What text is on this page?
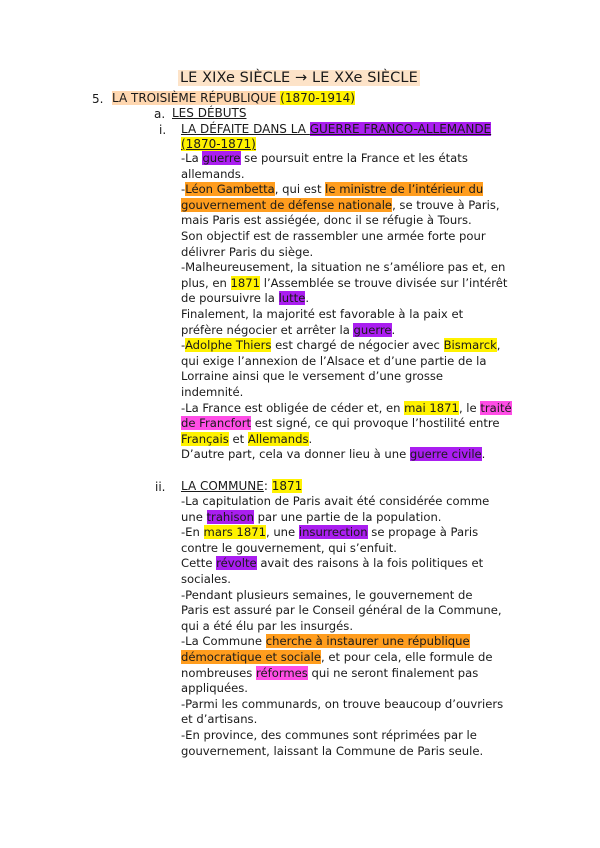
LE XIXe SIÈCLE → LE XXe SIÈCLE
5. LA TROISIÈME RÉPUBLIQUE (1870-1914)
a. LES DÉBUTS
i. LA DÉFAITE DANS LA GUERRE FRANCO-ALLEMANDE
(1870-1871)

-La guerre se poursuit entre la France et les états

allemands.

-Léon Gambetta, qui est le ministre de l’intérieur du

gouvernement de défense nationale, se trouve à Paris,

mais Paris est assiégée, donc il se réfugie à Tours.

Son objectif est de rassembler une armée forte pour

délivrer Paris du siège.

-Malheureusement, la situation ne s’améliore pas et, en

plus, en 1871 l’Assemblée se trouve divisée sur l’intérêt

de poursuivre la lutte.

Finalement, la majorité est favorable à la paix et

préfère négocier et arrêter la guerre.

-Adolphe Thiers est chargé de négocier avec Bismarck,

qui exige l’annexion de l’Alsace et d’une partie de la

Lorraine ainsi que le versement d’une grosse

indemnité.

-La France est obligée de céder et, en mai 1871, le traité

de Francfort est signé, ce qui provoque l’hostilité entre

Français et Allemands.

D’autre part, cela va donner lieu à une guerre civile.

ii. LA COMMUNE: 1871

-La capitulation de Paris avait été considérée comme

une trahison par une partie de la population.

-En mars 1871, une insurrection se propage à Paris

contre le gouvernement, qui s’enfuit.

Cette révolte avait des raisons à la fois politiques et

sociales.

-Pendant plusieurs semaines, le gouvernement de

Paris est assuré par le Conseil général de la Commune,

qui a été élu par les insurgés.

-La Commune cherche à instaurer une république

démocratique et sociale, et pour cela, elle formule de

nombreuses réformes qui ne seront finalement pas

appliquées.

-Parmi les communards, on trouve beaucoup d’ouvriers

et d’artisans.

-En province, des communes sont réprimées par le

gouvernement, laissant la Commune de Paris seule.
